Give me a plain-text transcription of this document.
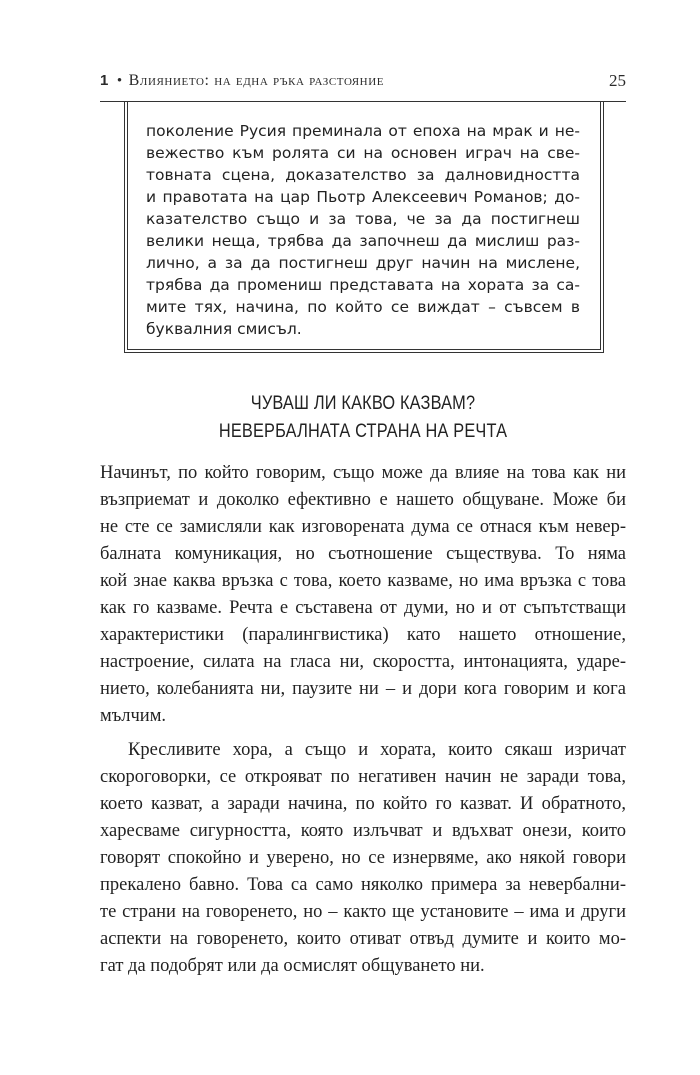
1 • Влиянието: на една ръка разстояние	25
поколение Русия преминала от епоха на мрак и не-
вежество към ролята си на основен играч на све-
товната сцена, доказателство за далновидността
и правотата на цар Пьотр Алексеевич Романов; до-
казателство също и за това, че за да постигнеш
велики неща, трябва да започнеш да мислиш раз-
лично, а за да постигнеш друг начин на мислене,
трябва да промениш представата на хората за са-
мите тях, начина, по който се виждат – съвсем в
буквалния смисъл.
ЧУВАШ ЛИ КАКВО КАЗВАМ?
НЕВЕРБАЛНАТА СТРАНА НА РЕЧТА
Начинът, по който говорим, също може да влияе на това как ни
възприемат и доколко ефективно е нашето общуване. Може би
не сте се замисляли как изговорената дума се отнася към невер-
балната комуникация, но съотношение съществува. То няма
кой знае каква връзка с това, което казваме, но има връзка с това
как го казваме. Речта е съставена от думи, но и от съпътстващи
характеристики (паралингвистика) като нашето отношение,
настроение, силата на гласа ни, скоростта, интонацията, ударе-
нието, колебанията ни, паузите ни – и дори кога говорим и кога
мълчим.
Кресливите хора, а също и хората, които сякаш изричат
скороговорки, се открояват по негативен начин не заради това,
което казват, а заради начина, по който го казват. И обратното,
харесваме сигурността, която излъчват и вдъхват онези, които
говорят спокойно и уверено, но се изнервяме, ако някой говори
прекалено бавно. Това са само няколко примера за невербални-
те страни на говоренето, но – както ще установите – има и други
аспекти на говоренето, които отиват отвъд думите и които мо-
гат да подобрят или да осмислят общуването ни.
